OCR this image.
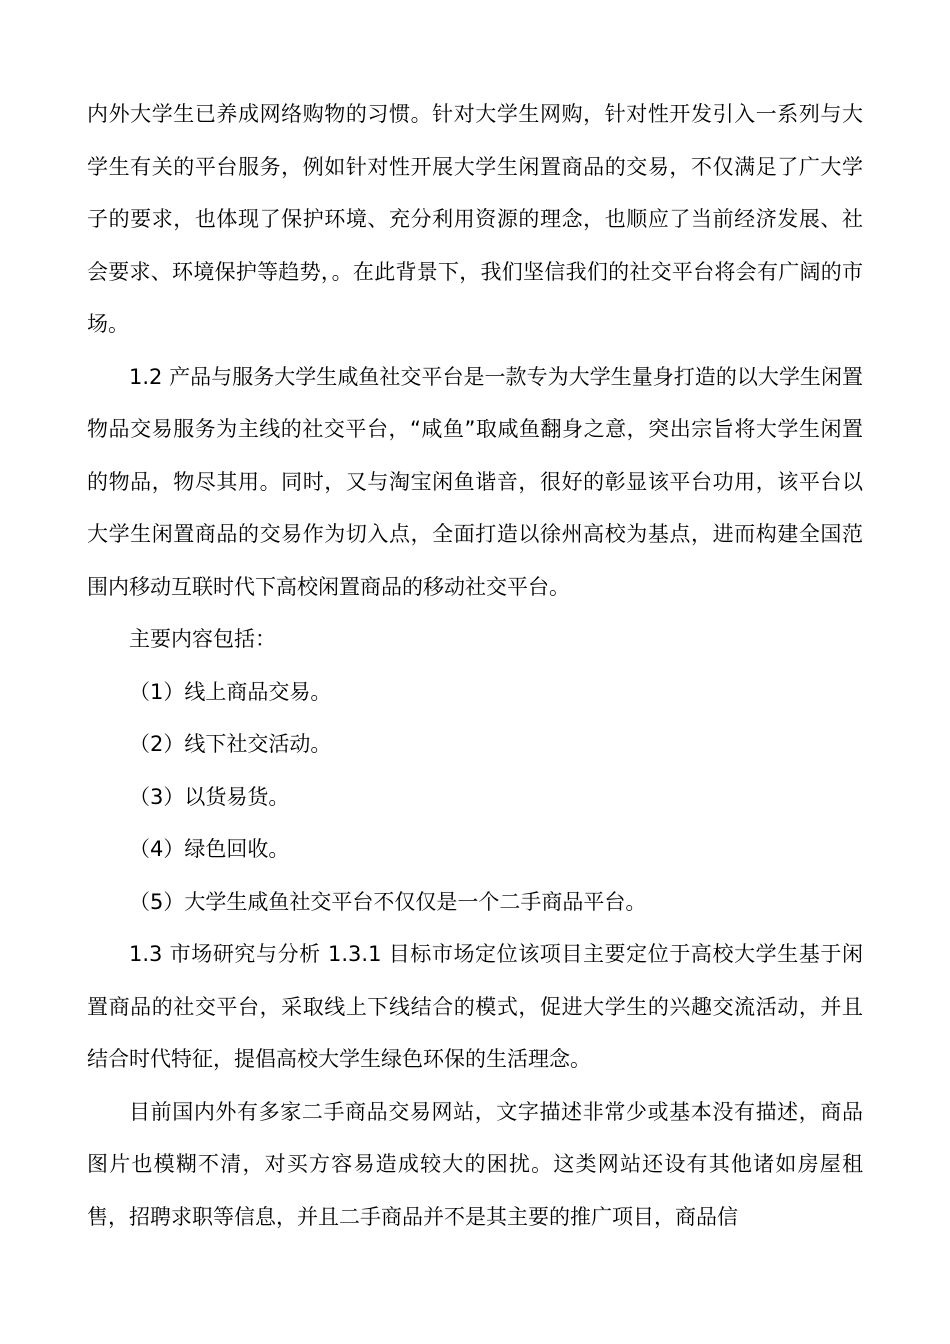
内外大学生已养成网络购物的习惯。针对大学生网购，针对性开发引入一系列与大学生有关的平台服务，例如针对性开展大学生闲置商品的交易，不仅满足了广大学子的要求，也体现了保护环境、充分利用资源的理念，也顺应了当前经济发展、社会要求、环境保护等趋势，。在此背景下，我们坚信我们的社交平台将会有广阔的市场。

1.2 产品与服务大学生咸鱼社交平台是一款专为大学生量身打造的以大学生闲置物品交易服务为主线的社交平台，“咸鱼”取咸鱼翻身之意，突出宗旨将大学生闲置的物品，物尽其用。同时，又与淘宝闲鱼谐音，很好的彰显该平台功用，该平台以大学生闲置商品的交易作为切入点，全面打造以徐州高校为基点，进而构建全国范围内移动互联时代下高校闲置商品的移动社交平台。

主要内容包括：

（1）线上商品交易。

（2）线下社交活动。

（3）以货易货。

（4）绿色回收。

（5）大学生咸鱼社交平台不仅仅是一个二手商品平台。

1.3 市场研究与分析 1.3.1 目标市场定位该项目主要定位于高校大学生基于闲置商品的社交平台，采取线上下线结合的模式，促进大学生的兴趣交流活动，并且结合时代特征，提倡高校大学生绿色环保的生活理念。

目前国内外有多家二手商品交易网站，文字描述非常少或基本没有描述，商品图片也模糊不清，对买方容易造成较大的困扰。这类网站还设有其他诸如房屋租售，招聘求职等信息，并且二手商品并不是其主要的推广项目，商品信
